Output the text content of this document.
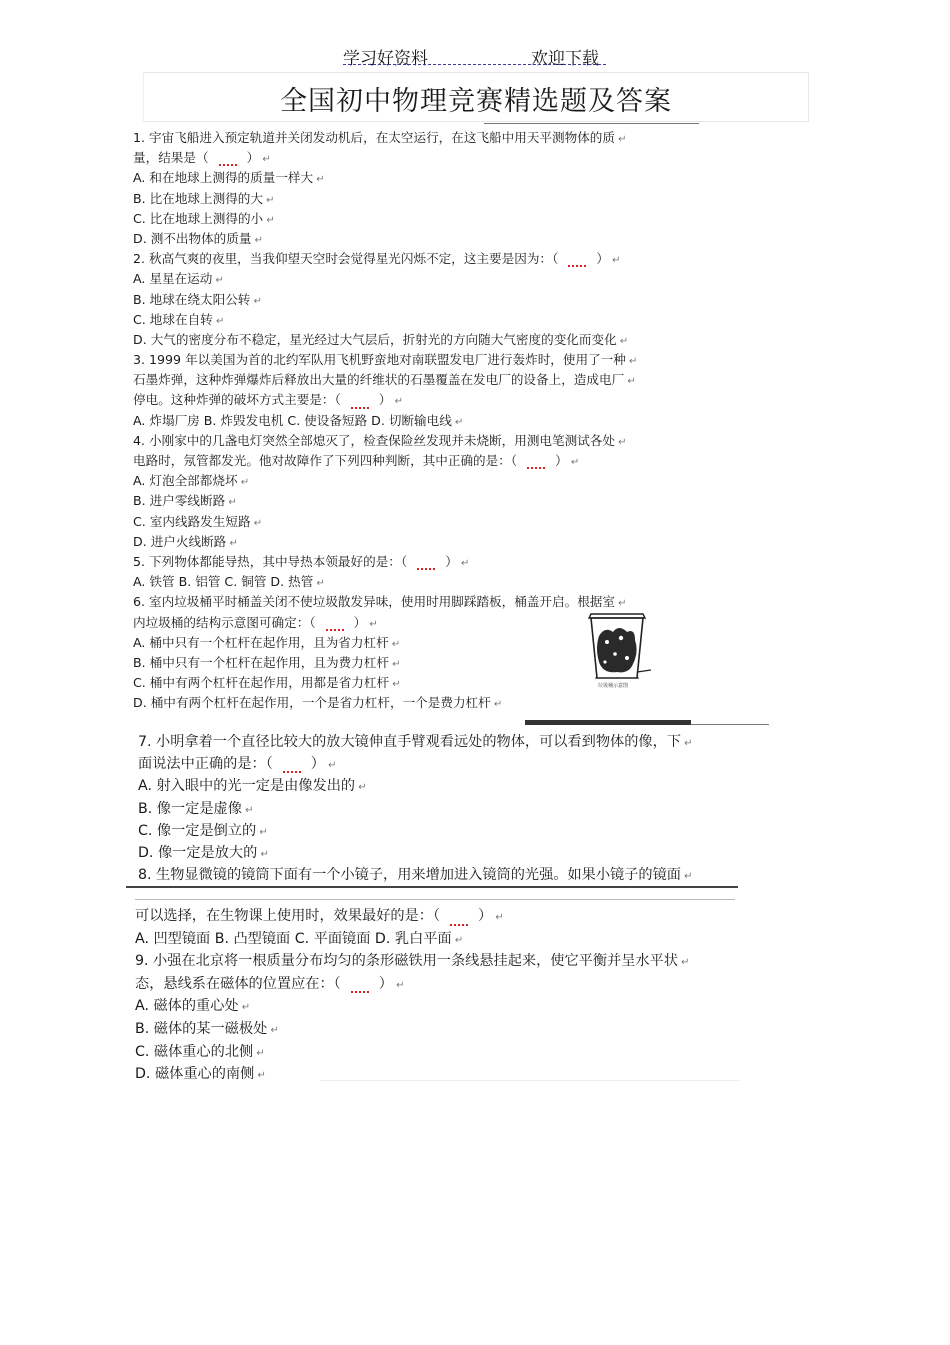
学习好资料	欢迎下载
全国初中物理竞赛精选题及答案
1. 宇宙飞船进入预定轨道并关闭发动机后，在太空运行，在这飞船中用天平测物体的质 ↵
量，结果是（	） ↵
A. 和在地球上测得的质量一样大 ↵
B. 比在地球上测得的大 ↵
C. 比在地球上测得的小 ↵
D. 测不出物体的质量 ↵
2. 秋高气爽的夜里，当我仰望天空时会觉得星光闪烁不定，这主要是因为：（	） ↵
A. 星星在运动 ↵
B. 地球在绕太阳公转 ↵
C. 地球在自转 ↵
D. 大气的密度分布不稳定，星光经过大气层后，折射光的方向随大气密度的变化而变化 ↵
3. 1999 年以美国为首的北约军队用飞机野蛮地对南联盟发电厂进行轰炸时，使用了一种 ↵
石墨炸弹，这种炸弹爆炸后释放出大量的纤维状的石墨覆盖在发电厂的设备上，造成电厂 ↵
停电。这种炸弹的破坏方式主要是：（	） ↵
A. 炸塌厂房 B. 炸毁发电机 C. 使设备短路 D. 切断输电线 ↵
4. 小刚家中的几盏电灯突然全部熄灭了，检查保险丝发现并未烧断，用测电笔测试各处 ↵
电路时，氖管都发光。他对故障作了下列四种判断，其中正确的是：（	） ↵
A. 灯泡全部都烧坏 ↵
B. 进户零线断路 ↵
C. 室内线路发生短路 ↵
D. 进户火线断路 ↵
5. 下列物体都能导热，其中导热本领最好的是：（	） ↵
A. 铁管 B. 铝管 C. 铜管 D. 热管 ↵
6. 室内垃圾桶平时桶盖关闭不使垃圾散发异味，使用时用脚踩踏板，桶盖开启。根据室 ↵
内垃圾桶的结构示意图可确定：（	） ↵
A. 桶中只有一个杠杆在起作用，且为省力杠杆 ↵
B. 桶中只有一个杠杆在起作用，且为费力杠杆 ↵
C. 桶中有两个杠杆在起作用，用都是省力杠杆 ↵
D. 桶中有两个杠杆在起作用，一个是省力杠杆，一个是费力杠杆 ↵
垃圾桶示意图
7. 小明拿着一个直径比较大的放大镜伸直手臂观看远处的物体，可以看到物体的像，下 ↵
面说法中正确的是：（	） ↵
A. 射入眼中的光一定是由像发出的 ↵
B. 像一定是虚像 ↵
C. 像一定是倒立的 ↵
D. 像一定是放大的 ↵
8. 生物显微镜的镜筒下面有一个小镜子，用来增加进入镜筒的光强。如果小镜子的镜面 ↵
可以选择，在生物课上使用时，效果最好的是：（	） ↵
A. 凹型镜面 B. 凸型镜面 C. 平面镜面 D. 乳白平面 ↵
9. 小强在北京将一根质量分布均匀的条形磁铁用一条线悬挂起来，使它平衡并呈水平状 ↵
态，悬线系在磁体的位置应在：（	） ↵
A. 磁体的重心处 ↵
B. 磁体的某一磁极处 ↵
C. 磁体重心的北侧 ↵
D. 磁体重心的南侧 ↵
